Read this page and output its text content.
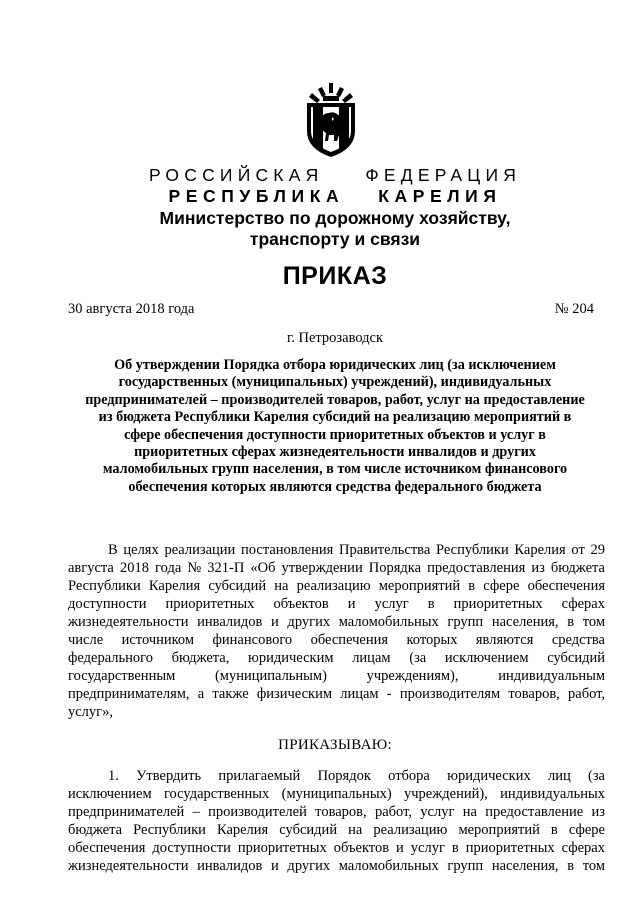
РОССИЙСКАЯ ФЕДЕРАЦИЯ
РЕСПУБЛИКА КАРЕЛИЯ
Министерство по дорожному хозяйству,
транспорту и связи
ПРИКАЗ
30 августа 2018 года	№ 204
г. Петрозаводск
Об утверждении Порядка отбора юридических лиц (за исключением
государственных (муниципальных) учреждений), индивидуальных
предпринимателей – производителей товаров, работ, услуг на предоставление
из бюджета Республики Карелия субсидий на реализацию мероприятий в
сфере обеспечения доступности приоритетных объектов и услуг в
приоритетных сферах жизнедеятельности инвалидов и других
маломобильных групп населения, в том числе источником финансового
обеспечения которых являются средства федерального бюджета
В целях реализации постановления Правительства Республики Карелия от 29
августа 2018 года № 321-П «Об утверждении Порядка предоставления из бюджета
Республики Карелия субсидий на реализацию мероприятий в сфере обеспечения
доступности приоритетных объектов и услуг в приоритетных сферах
жизнедеятельности инвалидов и других маломобильных групп населения, в том
числе источником финансового обеспечения которых являются средства
федерального бюджета, юридическим лицам (за исключением субсидий
государственным (муниципальным) учреждениям), индивидуальным
предпринимателям, а также физическим лицам - производителям товаров, работ,
услуг»,
ПРИКАЗЫВАЮ:
1. Утвердить прилагаемый Порядок отбора юридических лиц (за
исключением государственных (муниципальных) учреждений), индивидуальных
предпринимателей – производителей товаров, работ, услуг на предоставление из
бюджета Республики Карелия субсидий на реализацию мероприятий в сфере
обеспечения доступности приоритетных объектов и услуг в приоритетных сферах
жизнедеятельности инвалидов и других маломобильных групп населения, в том
